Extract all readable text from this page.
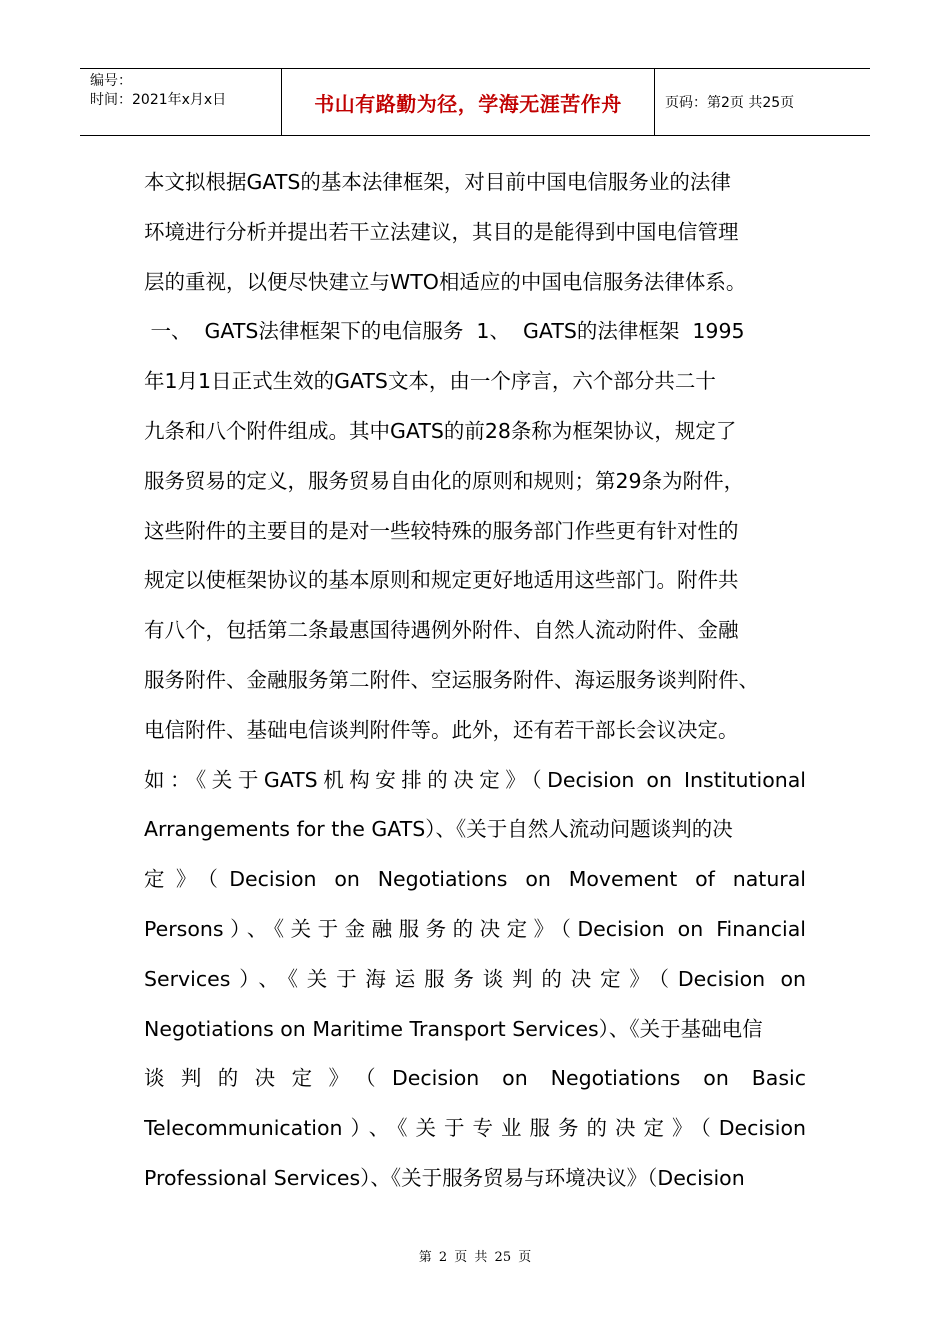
编号：
时间：2021年x月x日	书山有路勤为径，学海无涯苦作舟	页码：第2页 共25页
本文拟根据GATS的基本法律框架，对目前中国电信服务业的法律
环境进行分析并提出若干立法建议，其目的是能得到中国电信管理
层的重视，以便尽快建立与WTO相适应的中国电信服务法律体系。
一、  GATS法律框架下的电信服务  1、  GATS的法律框架  1995
年1月1日正式生效的GATS文本，由一个序言，六个部分共二十
九条和八个附件组成。其中GATS的前28条称为框架协议，规定了
服务贸易的定义，服务贸易自由化的原则和规则；第29条为附件，
这些附件的主要目的是对一些较特殊的服务部门作些更有针对性的
规定以使框架协议的基本原则和规定更好地适用这些部门。附件共
有八个，包括第二条最惠国待遇例外附件、自然人流动附件、金融
服务附件、金融服务第二附件、空运服务附件、海运服务谈判附件、
电信附件、基础电信谈判附件等。此外，还有若干部长会议决定。
如：《关于GATS机构安排的决定》（Decision on Institutional
Arrangements for the GATS）、《关于自然人流动问题谈判的决
定》（Decision on Negotiations on Movement of natural
Persons）、《关于金融服务的决定》（Decision on Financial
Services）、《关于海运服务谈判的决定》（Decision on
Negotiations on Maritime Transport Services）、《关于基础电信
谈判的决定》（Decision on Negotiations on Basic
Telecommunication）、《关于专业服务的决定》（Decision
Professional Services）、《关于服务贸易与环境决议》（Decision
第 2 页 共 25 页
